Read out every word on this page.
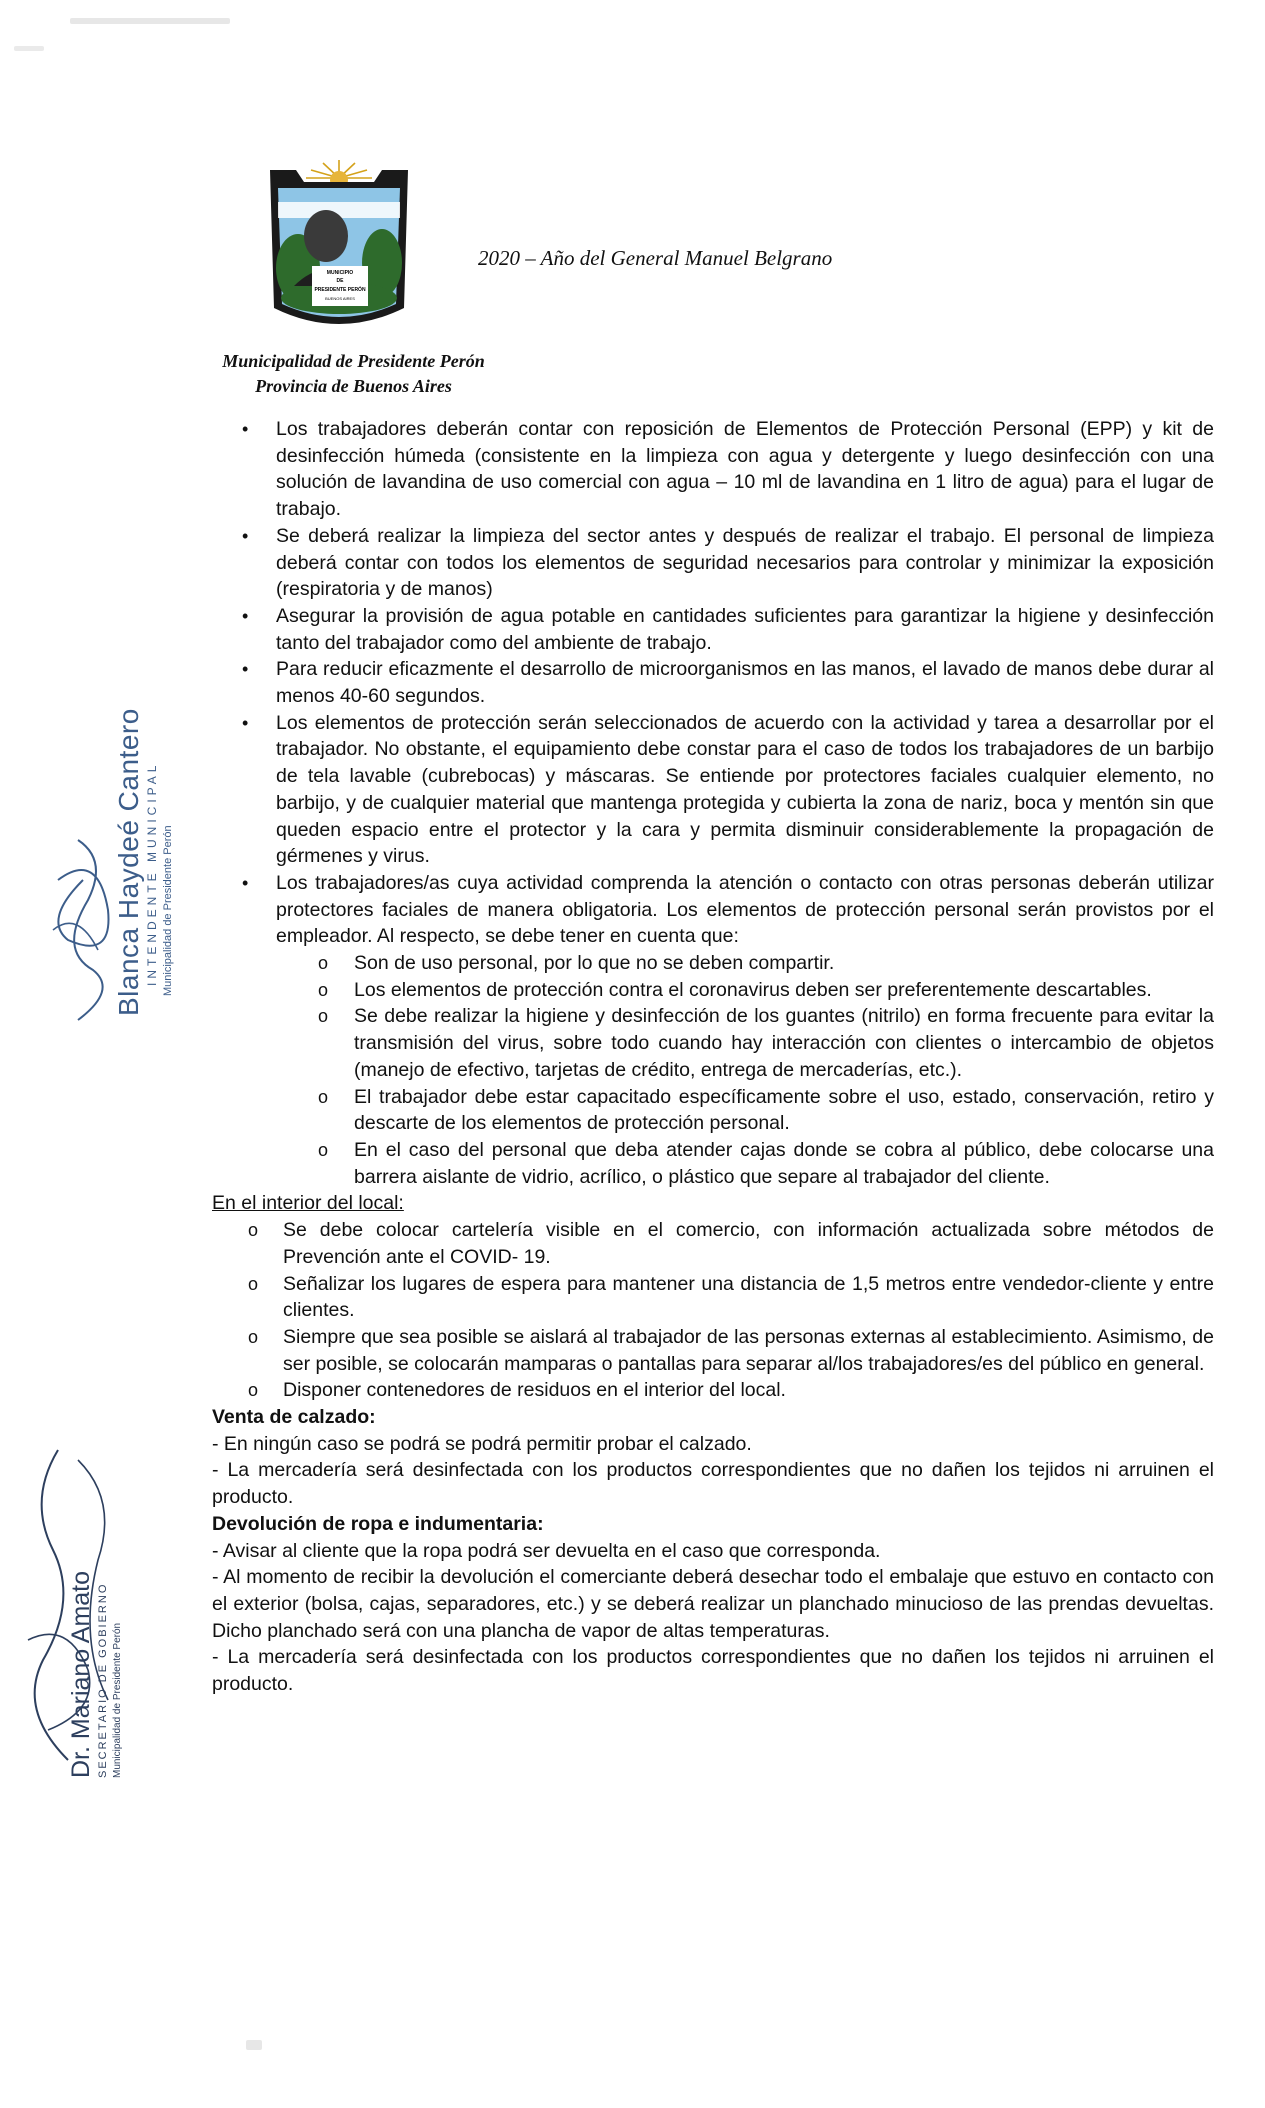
MUNICIPIO
DE
PRESIDENTE PERÓN
BUENOS AIRES
2020 – Año del General Manuel Belgrano
Municipalidad de Presidente Perón
Provincia de Buenos Aires
Blanca Haydeé Cantero INTENDENTE MUNICIPAL Municipalidad de Presidente Perón
Dr. Mariano Amato SECRETARIO DE GOBIERNO Municipalidad de Presidente Perón
• Los trabajadores deberán contar con reposición de Elementos de Protección Personal (EPP) y kit de desinfección húmeda (consistente en la limpieza con agua y detergente y luego desinfección con una solución de lavandina de uso comercial con agua – 10 ml de lavandina en 1 litro de agua) para el lugar de trabajo.
• Se deberá realizar la limpieza del sector antes y después de realizar el trabajo. El personal de limpieza deberá contar con todos los elementos de seguridad necesarios para controlar y minimizar la exposición (respiratoria y de manos)
• Asegurar la provisión de agua potable en cantidades suficientes para garantizar la higiene y desinfección tanto del trabajador como del ambiente de trabajo.
• Para reducir eficazmente el desarrollo de microorganismos en las manos, el lavado de manos debe durar al menos 40-60 segundos.
• Los elementos de protección serán seleccionados de acuerdo con la actividad y tarea a desarrollar por el trabajador. No obstante, el equipamiento debe constar para el caso de todos los trabajadores de un barbijo de tela lavable (cubrebocas) y máscaras. Se entiende por protectores faciales cualquier elemento, no barbijo, y de cualquier material que mantenga protegida y cubierta la zona de nariz, boca y mentón sin que queden espacio entre el protector y la cara y permita disminuir considerablemente la propagación de gérmenes y virus.
• Los trabajadores/as cuya actividad comprenda la atención o contacto con otras personas deberán utilizar protectores faciales de manera obligatoria. Los elementos de protección personal serán provistos por el empleador. Al respecto, se debe tener en cuenta que:
o Son de uso personal, por lo que no se deben compartir.
o Los elementos de protección contra el coronavirus deben ser preferentemente descartables.
o Se debe realizar la higiene y desinfección de los guantes (nitrilo) en forma frecuente para evitar la transmisión del virus, sobre todo cuando hay interacción con clientes o intercambio de objetos (manejo de efectivo, tarjetas de crédito, entrega de mercaderías, etc.).
o El trabajador debe estar capacitado específicamente sobre el uso, estado, conservación, retiro y descarte de los elementos de protección personal.
o En el caso del personal que deba atender cajas donde se cobra al público, debe colocarse una barrera aislante de vidrio, acrílico, o plástico que separe al trabajador del cliente.

En el interior del local:

o Se debe colocar cartelería visible en el comercio, con información actualizada sobre métodos de Prevención ante el COVID- 19.
o Señalizar los lugares de espera para mantener una distancia de 1,5 metros entre vendedor-cliente y entre clientes.
o Siempre que sea posible se aislará al trabajador de las personas externas al establecimiento. Asimismo, de ser posible, se colocarán mamparas o pantallas para separar al/los trabajadores/es del público en general.
o Disponer contenedores de residuos en el interior del local.

Venta de calzado:

- En ningún caso se podrá se podrá permitir probar el calzado.

- La mercadería será desinfectada con los productos correspondientes que no dañen los tejidos ni arruinen el producto.

Devolución de ropa e indumentaria:

- Avisar al cliente que la ropa podrá ser devuelta en el caso que corresponda.

- Al momento de recibir la devolución el comerciante deberá desechar todo el embalaje que estuvo en contacto con el exterior (bolsa, cajas, separadores, etc.) y se deberá realizar un planchado minucioso de las prendas devueltas. Dicho planchado será con una plancha de vapor de altas temperaturas.

- La mercadería será desinfectada con los productos correspondientes que no dañen los tejidos ni arruinen el producto.
